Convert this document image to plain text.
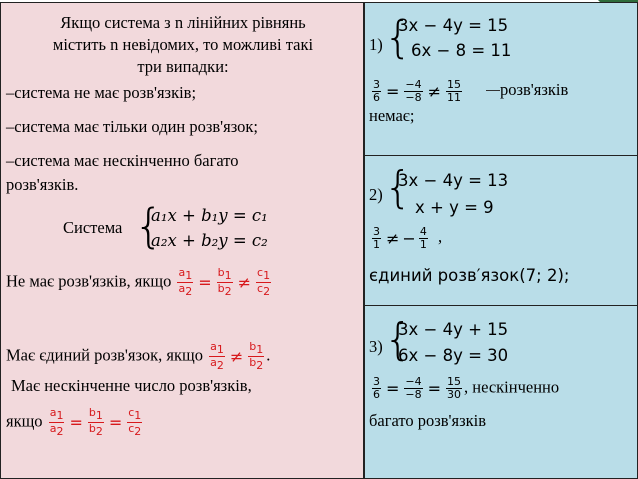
Якщо система з n лінійних рівнянь
містить n невідомих, то можливі такі
три випадки:
–система не має розв'язків;
–система має тільки один розв'язок;
–система має нескінченно багато
розв'язків.
Система {
a₁x + b₁y = c₁
a₂x + b₂y = c₂
Не має розв'язків, якщо $\frac{a_1}{a_2} = \frac{b_1}{b_2} \ne \frac{c_1}{c_2}$
Має єдиний розв'язок, якщо $\frac{a_1}{a_2} \ne \frac{b_1}{b_2}$ .
Має нескінченне число розв'язків,
якщо $\frac{a_1}{a_2} = \frac{b_1}{b_2} = \frac{c_1}{c_2}$
1) {
3x − 4y = 15
6x − 8 = 11
$\frac{3}{6} = \frac{-4}{-8} \ne \frac{15}{11}$ розв'язків
немає;
2) {
3x − 4y = 13
x + y = 9
$\frac{3}{1}$ ≠ − $\frac{4}{1}$ ,
єдиний розв′язок(7; 2);
3) {
3x − 4y + 15
6x − 8y = 30
$\frac{3}{6} = \frac{-4}{-8} = \frac{15}{30}$ , нескінченно
багато розв'язків
